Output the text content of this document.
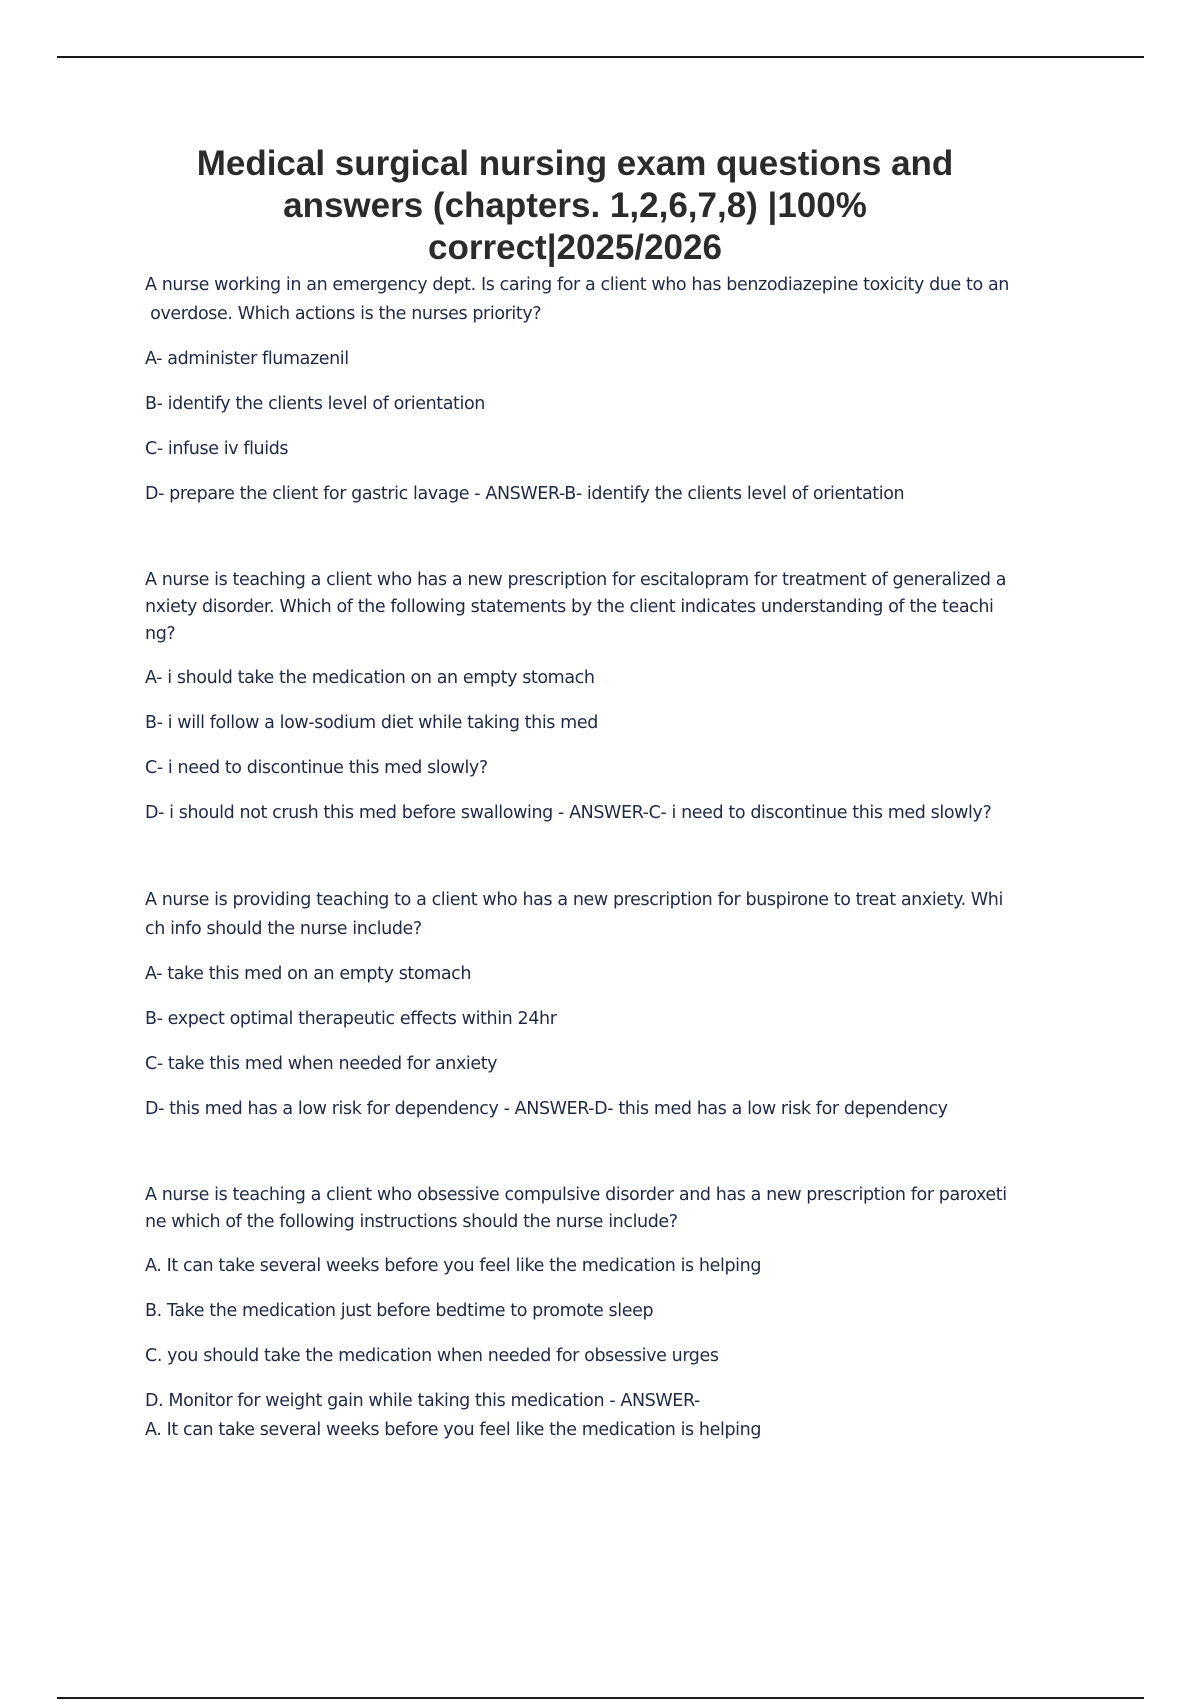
Medical surgical nursing exam questions and
answers (chapters. 1,2,6,7,8) |100%
correct|2025/2026

A nurse working in an emergency dept. Is caring for a client who has benzodiazepine toxicity due to an
overdose. Which actions is the nurses priority?

A- administer flumazenil

B- identify the clients level of orientation

C- infuse iv fluids

D- prepare the client for gastric lavage - ANSWER-B- identify the clients level of orientation

A nurse is teaching a client who has a new prescription for escitalopram for treatment of generalized a
nxiety disorder. Which of the following statements by the client indicates understanding of the teachi
ng?

A- i should take the medication on an empty stomach

B- i will follow a low-sodium diet while taking this med

C- i need to discontinue this med slowly?

D- i should not crush this med before swallowing - ANSWER-C- i need to discontinue this med slowly?

A nurse is providing teaching to a client who has a new prescription for buspirone to treat anxiety. Whi
ch info should the nurse include?

A- take this med on an empty stomach

B- expect optimal therapeutic effects within 24hr

C- take this med when needed for anxiety

D- this med has a low risk for dependency - ANSWER-D- this med has a low risk for dependency

A nurse is teaching a client who obsessive compulsive disorder and has a new prescription for paroxeti
ne which of the following instructions should the nurse include?

A. It can take several weeks before you feel like the medication is helping

B. Take the medication just before bedtime to promote sleep

C. you should take the medication when needed for obsessive urges

D. Monitor for weight gain while taking this medication - ANSWER-

A. It can take several weeks before you feel like the medication is helping
